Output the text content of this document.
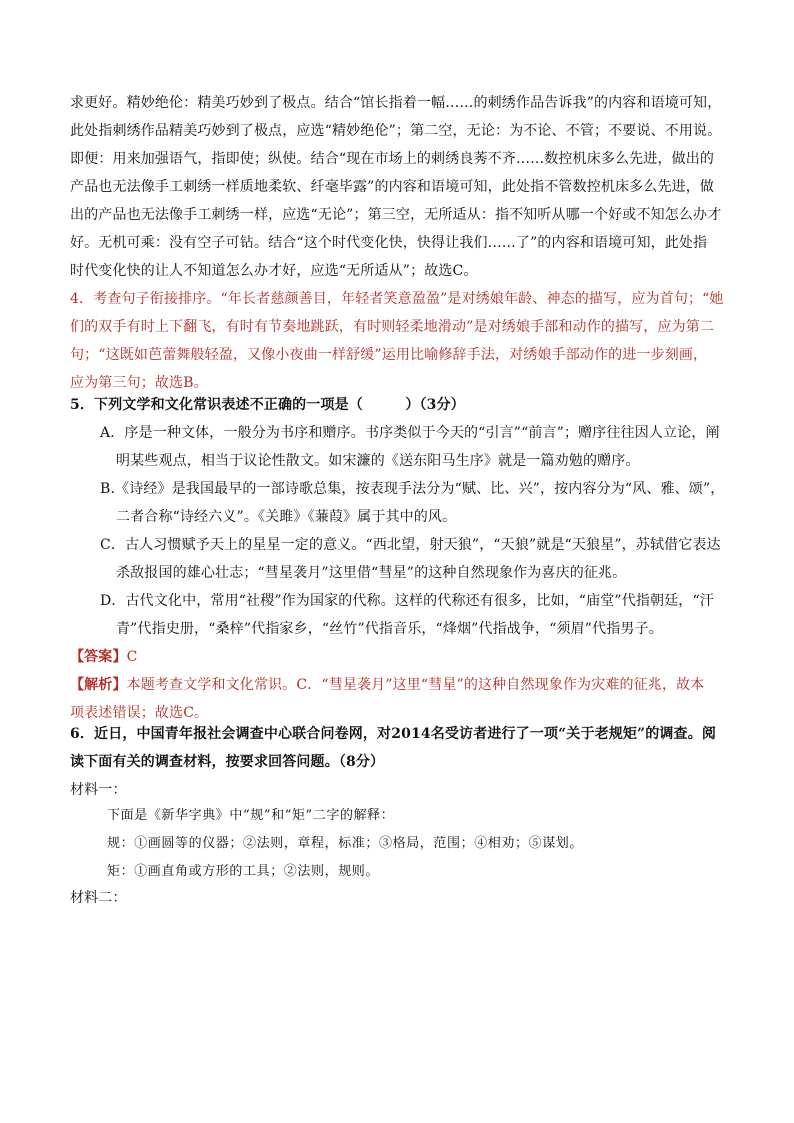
求更好。精妙绝伦：精美巧妙到了极点。结合“馆长指着一幅……的刺绣作品告诉我”的内容和语境可知，
此处指刺绣作品精美巧妙到了极点，应选“精妙绝伦”；第二空，无论：为不论、不管；不要说、不用说。
即便：用来加强语气，指即使；纵使。结合“现在市场上的刺绣良莠不齐……数控机床多么先进，做出的
产品也无法像手工刺绣一样质地柔软、纤毫毕露”的内容和语境可知，此处指不管数控机床多么先进，做
出的产品也无法像手工刺绣一样，应选“无论”；第三空，无所适从：指不知听从哪一个好或不知怎么办才
好。无机可乘：没有空子可钻。结合“这个时代变化快，快得让我们……了”的内容和语境可知，此处指
时代变化快的让人不知道怎么办才好，应选“无所适从”；故选C。
4．考查句子衔接排序。“年长者慈颜善目，年轻者笑意盈盈”是对绣娘年龄、神态的描写，应为首句；“她
们的双手有时上下翻飞，有时有节奏地跳跃，有时则轻柔地滑动”是对绣娘手部和动作的描写，应为第二
句；“这既如芭蕾舞般轻盈，又像小夜曲一样舒缓”运用比喻修辞手法，对绣娘手部动作的进一步刻画，
应为第三句；故选B。
5．下列文学和文化常识表述不正确的一项是（　　　）（3分）
A．序是一种文体，一般分为书序和赠序。书序类似于今天的“引言”“前言”；赠序往往因人立论，阐
明某些观点，相当于议论性散文。如宋濂的《送东阳马生序》就是一篇劝勉的赠序。
B.《诗经》是我国最早的一部诗歌总集，按表现手法分为“赋、比、兴”，按内容分为“风、雅、颂”，
二者合称“诗经六义”。《关雎》《蒹葭》属于其中的风。
C．古人习惯赋予天上的星星一定的意义。“西北望，射天狼”，“天狼”就是“天狼星”，苏轼借它表达
杀敌报国的雄心壮志；“彗星袭月”这里借“彗星”的这种自然现象作为喜庆的征兆。
D．古代文化中，常用“社稷”作为国家的代称。这样的代称还有很多，比如，“庙堂”代指朝廷，“汗
青”代指史册，“桑梓”代指家乡，“丝竹”代指音乐，“烽烟”代指战争，“须眉”代指男子。
【答案】C
【解析】本题考查文学和文化常识。C．“彗星袭月”这里“彗星”的这种自然现象作为灾难的征兆，故本
项表述错误；故选C。
6．近日，中国青年报社会调查中心联合问卷网，对2014名受访者进行了一项“关于老规矩”的调查。阅
读下面有关的调查材料，按要求回答问题。（8分）
材料一：
下面是《新华字典》中“规”和“矩”二字的解释：
规：①画圆等的仪器；②法则，章程，标准；③格局，范围；④相劝；⑤谋划。
矩：①画直角或方形的工具；②法则，规则。
材料二：
